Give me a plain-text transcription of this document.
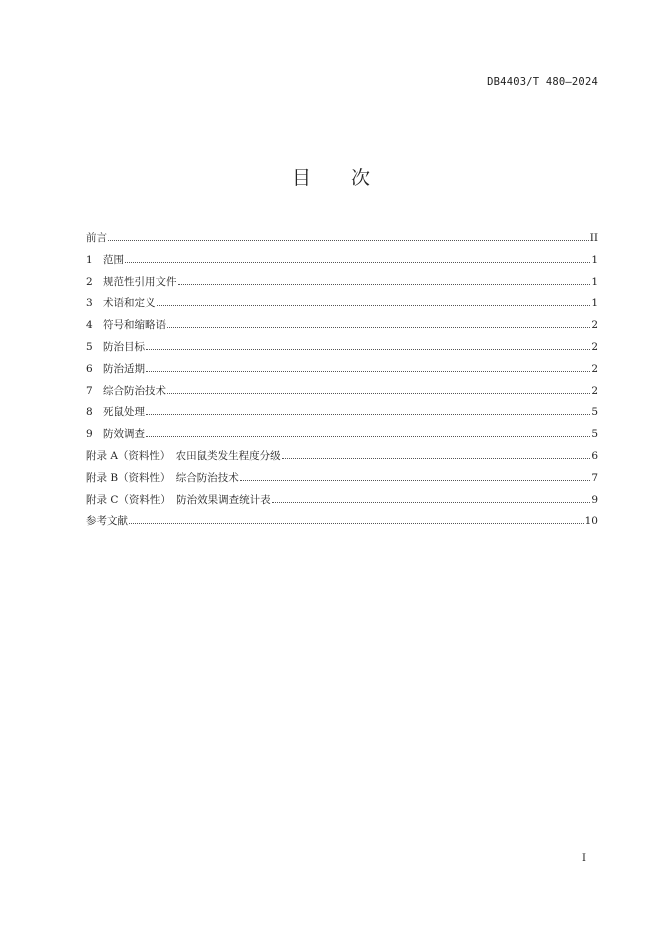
DB4403/T 480—2024
目 次
前言	II
1 范围	1
2 规范性引用文件	1
3 术语和定义	1
4 符号和缩略语	2
5 防治目标	2
6 防治适期	2
7 综合防治技术	2
8 死鼠处理	5
9 防效调查	5
附录 A（资料性）　农田鼠类发生程度分级	6
附录 B（资料性）　综合防治技术	7
附录 C（资料性）　防治效果调查统计表	9
参考文献	10
I
